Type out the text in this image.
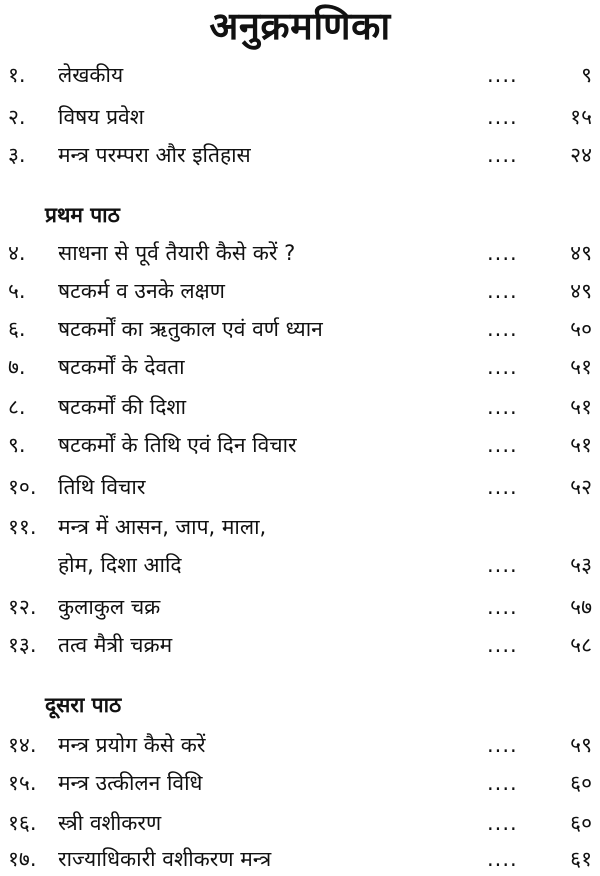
अनुक्रमणिका
१. लेखकीय	....	९
२. विषय प्रवेश	.... १५
३. मन्त्र परम्परा और इतिहास	.... २४
प्रथम पाठ
४. साधना से पूर्व तैयारी कैसे करें ?	.... ४९
५. षटकर्म व उनके लक्षण	.... ४९
६. षटकर्मों का ऋतुकाल एवं वर्ण ध्यान	.... ५०
७. षटकर्मों के देवता	.... ५१
८. षटकर्मों की दिशा	.... ५१
९. षटकर्मों के तिथि एवं दिन विचार	.... ५१
१०. तिथि विचार	.... ५२
११. मन्त्र में आसन, जाप, माला,
होम, दिशा आदि	.... ५३
१२. कुलाकुल चक्र	.... ५७
१३. तत्व मैत्री चक्रम	.... ५८
दूसरा पाठ
१४. मन्त्र प्रयोग कैसे करें	.... ५९
१५. मन्त्र उत्कीलन विधि	.... ६०
१६. स्त्री वशीकरण	.... ६०
१७. राज्याधिकारी वशीकरण मन्त्र	.... ६१
